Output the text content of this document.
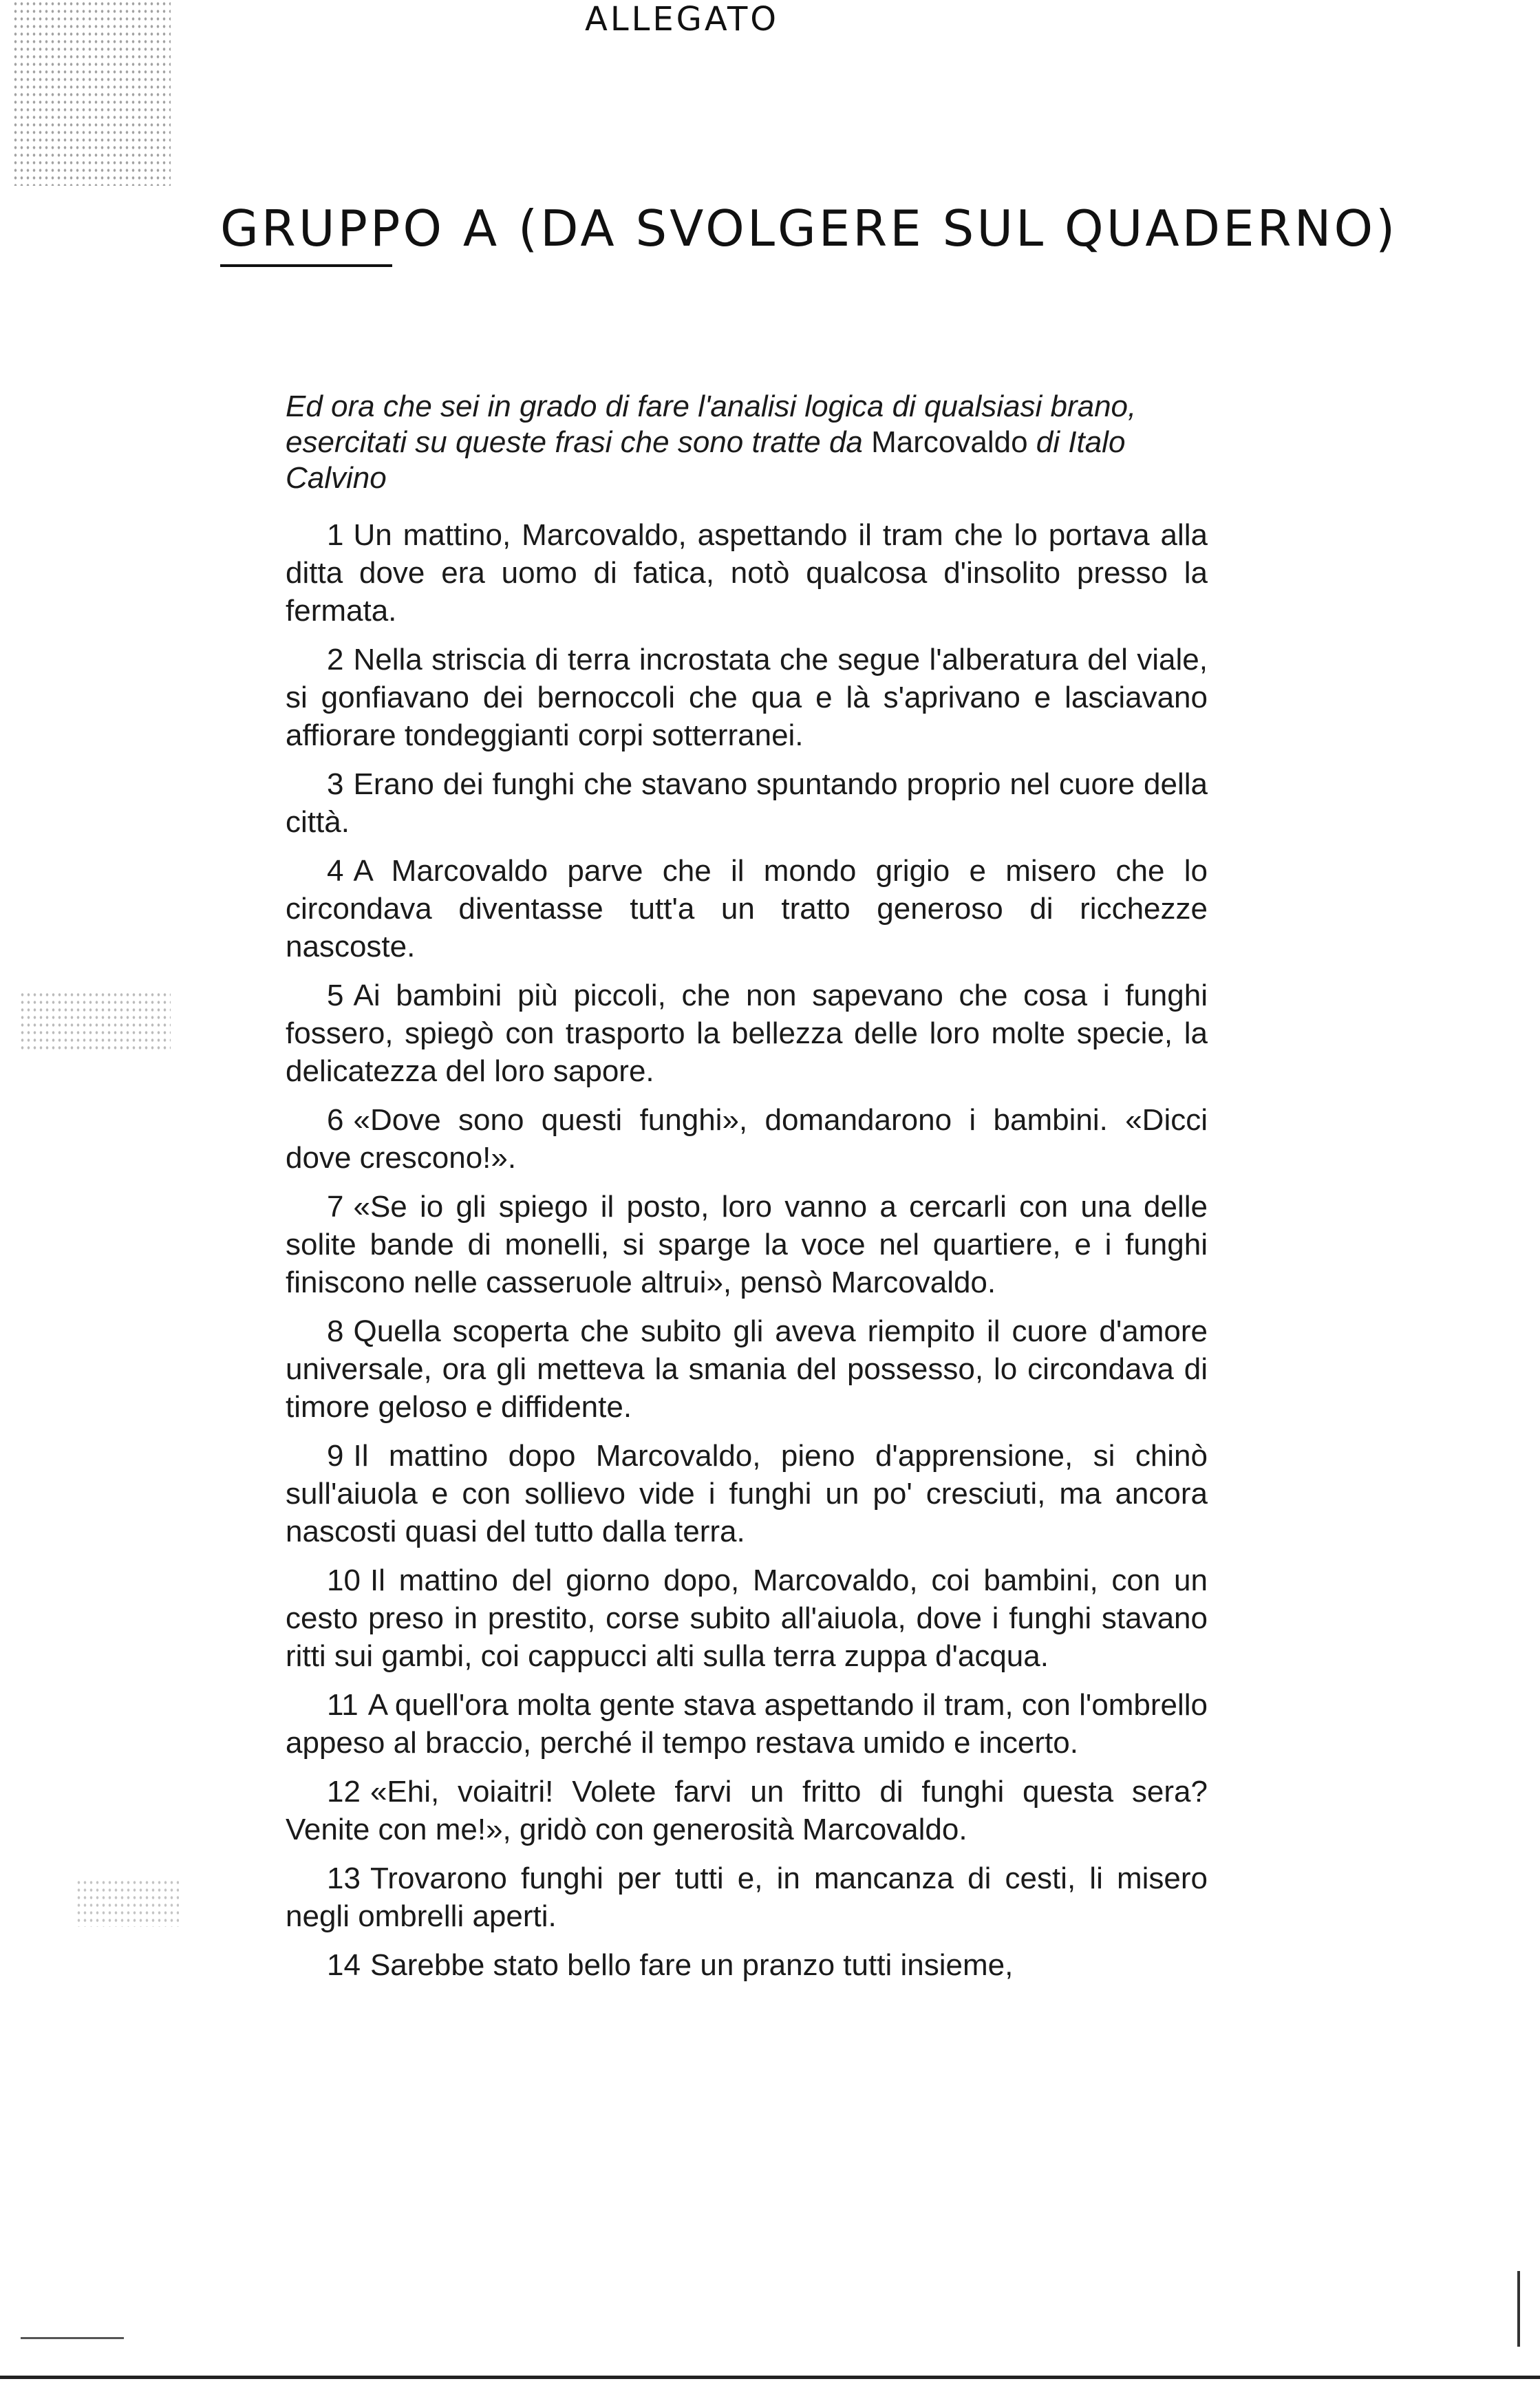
ALLEGATO
GRUPPO A (DA SVOLGERE SUL QUADERNO)
Ed ora che sei in grado di fare l'analisi logica di qualsiasi brano, esercitati su queste frasi che sono tratte da Marcovaldo di Italo Calvino

1 Un mattino, Marcovaldo, aspettando il tram che lo portava alla ditta dove era uomo di fatica, notò qualcosa d'insolito presso la fermata.

2 Nella striscia di terra incrostata che segue l'alberatura del viale, si gonfiavano dei bernoccoli che qua e là s'aprivano e lasciavano affiorare tondeggianti corpi sotterranei.

3 Erano dei funghi che stavano spuntando proprio nel cuore della città.

4 A Marcovaldo parve che il mondo grigio e misero che lo circondava diventasse tutt'a un tratto generoso di ricchezze nascoste.

5 Ai bambini più piccoli, che non sapevano che cosa i funghi fossero, spiegò con trasporto la bellezza delle loro molte specie, la delicatezza del loro sapore.

6 «Dove sono questi funghi», domandarono i bambini. «Dicci dove crescono!».

7 «Se io gli spiego il posto, loro vanno a cercarli con una delle solite bande di monelli, si sparge la voce nel quartiere, e i funghi finiscono nelle casseruole altrui», pensò Marcovaldo.

8 Quella scoperta che subito gli aveva riempito il cuore d'amore universale, ora gli metteva la smania del possesso, lo circondava di timore geloso e diffidente.

9 Il mattino dopo Marcovaldo, pieno d'apprensione, si chinò sull'aiuola e con sollievo vide i funghi un po' cresciuti, ma ancora nascosti quasi del tutto dalla terra.

10 Il mattino del giorno dopo, Marcovaldo, coi bambini, con un cesto preso in prestito, corse subito all'aiuola, dove i funghi stavano ritti sui gambi, coi cappucci alti sulla terra zuppa d'acqua.

11 A quell'ora molta gente stava aspettando il tram, con l'ombrello appeso al braccio, perché il tempo restava umido e incerto.

12 «Ehi, voiaitri! Volete farvi un fritto di funghi questa sera? Venite con me!», gridò con generosità Marcovaldo.

13 Trovarono funghi per tutti e, in mancanza di cesti, li misero negli ombrelli aperti.

14 Sarebbe stato bello fare un pranzo tutti insieme,
